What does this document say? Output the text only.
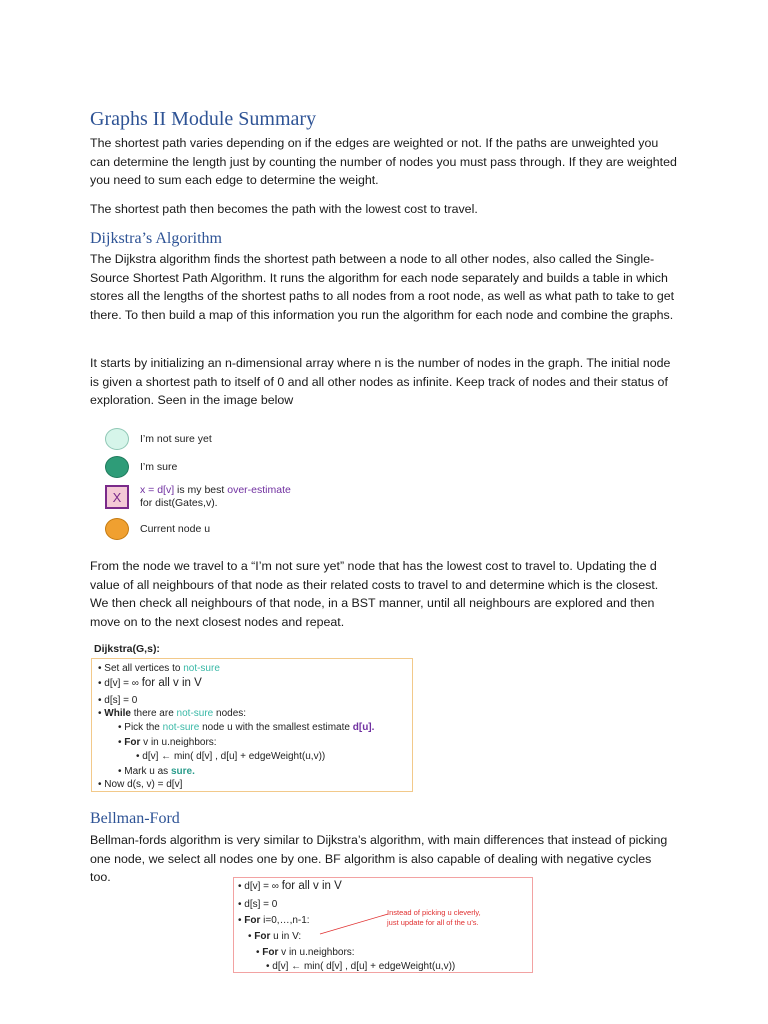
Graphs II Module Summary

The shortest path varies depending on if the edges are weighted or not. If the paths are unweighted you can determine the length just by counting the number of nodes you must pass through. If they are weighted you need to sum each edge to determine the weight.

The shortest path then becomes the path with the lowest cost to travel.

Dijkstra’s Algorithm

The Dijkstra algorithm finds the shortest path between a node to all other nodes, also called the Single-Source Shortest Path Algorithm. It runs the algorithm for each node separately and builds a table in which stores all the lengths of the shortest paths to all nodes from a root node, as well as what path to take to get there. To then build a map of this information you run the algorithm for each node and combine the graphs.

It starts by initializing an n-dimensional array where n is the number of nodes in the graph. The initial node is given a shortest path to itself of 0 and all other nodes as infinite. Keep track of nodes and their status of exploration. Seen in the image below

From the node we travel to a “I’m not sure yet” node that has the lowest cost to travel to. Updating the d value of all neighbours of that node as their related costs to travel to and determine which is the closest. We then check all neighbours of that node, in a BST manner, until all neighbours are explored and then move on to the next closest nodes and repeat.

Bellman-Ford

Bellman-fords algorithm is very similar to Dijkstra’s algorithm, with main differences that instead of picking one node, we select all nodes one by one. BF algorithm is also capable of dealing with negative cycles too.

I’m not sure yet
I’m sure
X	x = d[v] is my best over-estimate
for dist(Gates,v).
Current node u
Dijkstra(G,s):
• Set all vertices to not-sure
• d[v] = ∞ for all v in V
• d[s] = 0
• While there are not-sure nodes:
• Pick the not-sure node u with the smallest estimate d[u].
• For v in u.neighbors:
• d[v] ← min( d[v] , d[u] + edgeWeight(u,v))
• Mark u as sure.
• Now d(s, v) = d[v]
• d[v] = ∞ for all v in V
• d[s] = 0
• For i=0,…,n-1:
• For u in V:
• For v in u.neighbors:
• d[v] ← min( d[v] , d[u] + edgeWeight(u,v))
Instead of picking u cleverly,
just update for all of the u’s.
